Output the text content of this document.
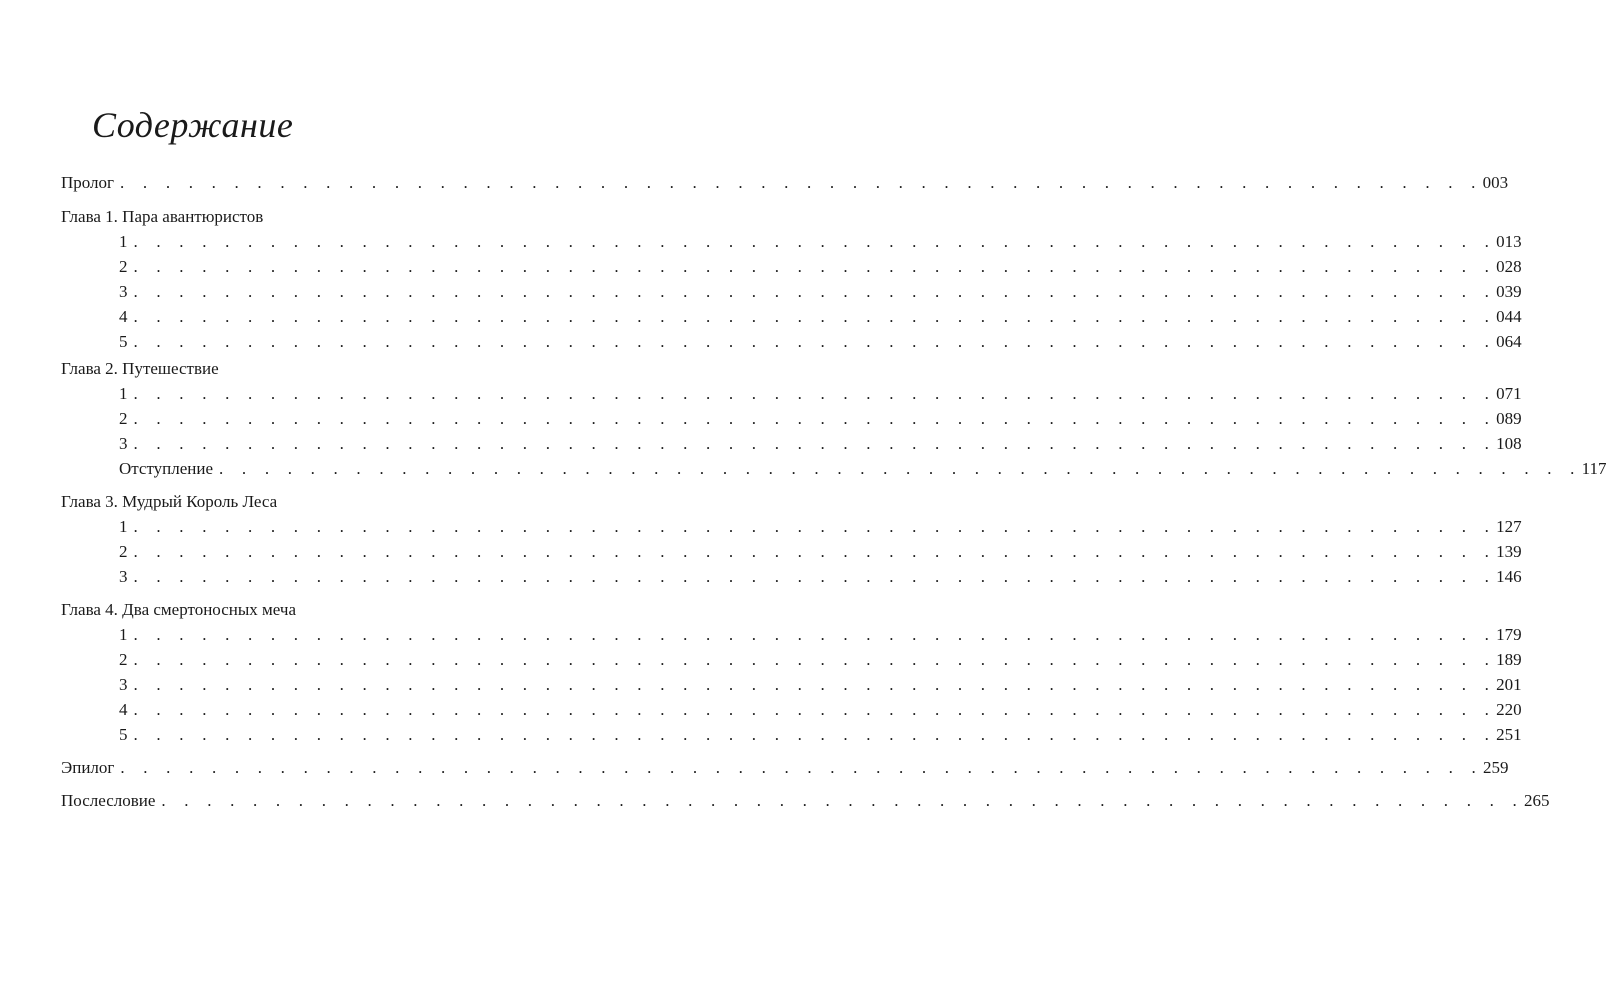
Содержание
Пролог . . . . . . . . . . . . . . . . . . . . . . . . . . . . . . . . . . . . . . . . . . . . . . . . . . . . . . . . . . . . 003
Глава 1. Пара авантюристов
1 . . . . . . . . . . . . . . . . . . . . . . . . . . . . . . . . . . . . . . . . . . . . . . . . . . . . . . . . . . . . 013
2 . . . . . . . . . . . . . . . . . . . . . . . . . . . . . . . . . . . . . . . . . . . . . . . . . . . . . . . . . . . . 028
3 . . . . . . . . . . . . . . . . . . . . . . . . . . . . . . . . . . . . . . . . . . . . . . . . . . . . . . . . . . . . 039
4 . . . . . . . . . . . . . . . . . . . . . . . . . . . . . . . . . . . . . . . . . . . . . . . . . . . . . . . . . . . . 044
5 . . . . . . . . . . . . . . . . . . . . . . . . . . . . . . . . . . . . . . . . . . . . . . . . . . . . . . . . . . . . 064
Глава 2. Путешествие
1 . . . . . . . . . . . . . . . . . . . . . . . . . . . . . . . . . . . . . . . . . . . . . . . . . . . . . . . . . . . . 071
2 . . . . . . . . . . . . . . . . . . . . . . . . . . . . . . . . . . . . . . . . . . . . . . . . . . . . . . . . . . . . 089
3 . . . . . . . . . . . . . . . . . . . . . . . . . . . . . . . . . . . . . . . . . . . . . . . . . . . . . . . . . . . . 108
Отступление . . . . . . . . . . . . . . . . . . . . . . . . . . . . . . . . . . . . . . . . . . . . . . . . . . . . . . . . . . . . 117
Глава 3. Мудрый Король Леса
1 . . . . . . . . . . . . . . . . . . . . . . . . . . . . . . . . . . . . . . . . . . . . . . . . . . . . . . . . . . . . 127
2 . . . . . . . . . . . . . . . . . . . . . . . . . . . . . . . . . . . . . . . . . . . . . . . . . . . . . . . . . . . . 139
3 . . . . . . . . . . . . . . . . . . . . . . . . . . . . . . . . . . . . . . . . . . . . . . . . . . . . . . . . . . . . 146
Глава 4. Два смертоносных меча
1 . . . . . . . . . . . . . . . . . . . . . . . . . . . . . . . . . . . . . . . . . . . . . . . . . . . . . . . . . . . . 179
2 . . . . . . . . . . . . . . . . . . . . . . . . . . . . . . . . . . . . . . . . . . . . . . . . . . . . . . . . . . . . 189
3 . . . . . . . . . . . . . . . . . . . . . . . . . . . . . . . . . . . . . . . . . . . . . . . . . . . . . . . . . . . . 201
4 . . . . . . . . . . . . . . . . . . . . . . . . . . . . . . . . . . . . . . . . . . . . . . . . . . . . . . . . . . . . 220
5 . . . . . . . . . . . . . . . . . . . . . . . . . . . . . . . . . . . . . . . . . . . . . . . . . . . . . . . . . . . . 251
Эпилог . . . . . . . . . . . . . . . . . . . . . . . . . . . . . . . . . . . . . . . . . . . . . . . . . . . . . . . . . . . . 259
Послесловие . . . . . . . . . . . . . . . . . . . . . . . . . . . . . . . . . . . . . . . . . . . . . . . . . . . . . . . . . . . . 265
